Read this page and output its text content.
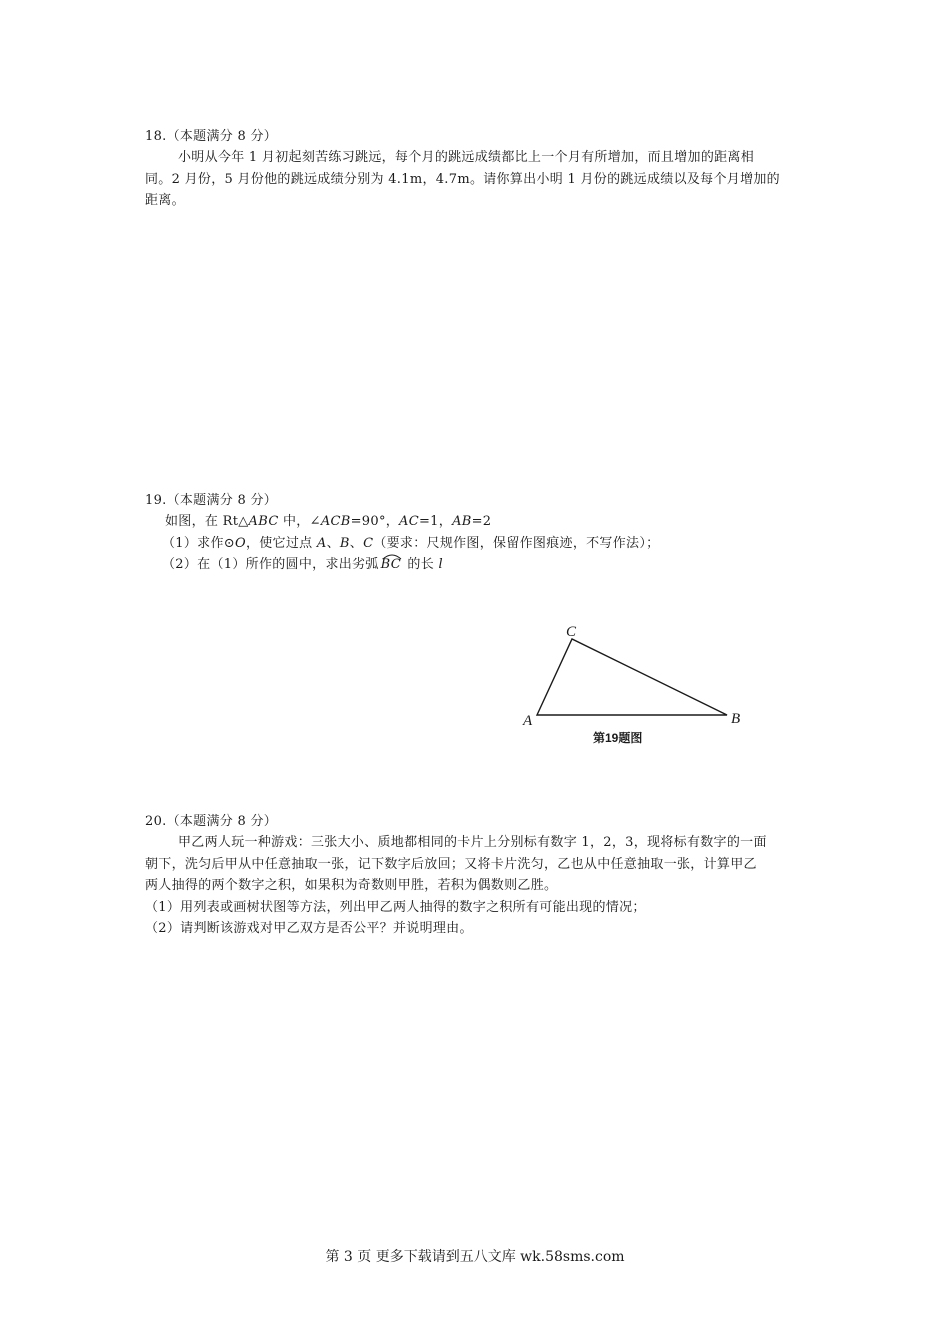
18.（本题满分 8 分）
小明从今年 1 月初起刻苦练习跳远，每个月的跳远成绩都比上一个月有所增加，而且增加的距离相
同。2 月份，5 月份他的跳远成绩分别为 4.1m，4.7m。请你算出小明 1 月份的跳远成绩以及每个月增加的
距离。
19.（本题满分 8 分）
如图，在 Rt△ABC 中，∠ACB=90°，AC=1，AB=2
（1）求作⊙O，使它过点 A、B、C（要求：尺规作图，保留作图痕迹，不写作法）；
（2）在（1）所作的圆中，求出劣弧 BC 的长 l
C
A	B
第19题图
20.（本题满分 8 分）
甲乙两人玩一种游戏：三张大小、质地都相同的卡片上分别标有数字 1，2，3，现将标有数字的一面
朝下，洗匀后甲从中任意抽取一张，记下数字后放回；又将卡片洗匀，乙也从中任意抽取一张，计算甲乙
两人抽得的两个数字之积，如果积为奇数则甲胜，若积为偶数则乙胜。
（1）用列表或画树状图等方法，列出甲乙两人抽得的数字之积所有可能出现的情况；
（2）请判断该游戏对甲乙双方是否公平？并说明理由。
第 3 页 更多下载请到五八文库 wk.58sms.com
